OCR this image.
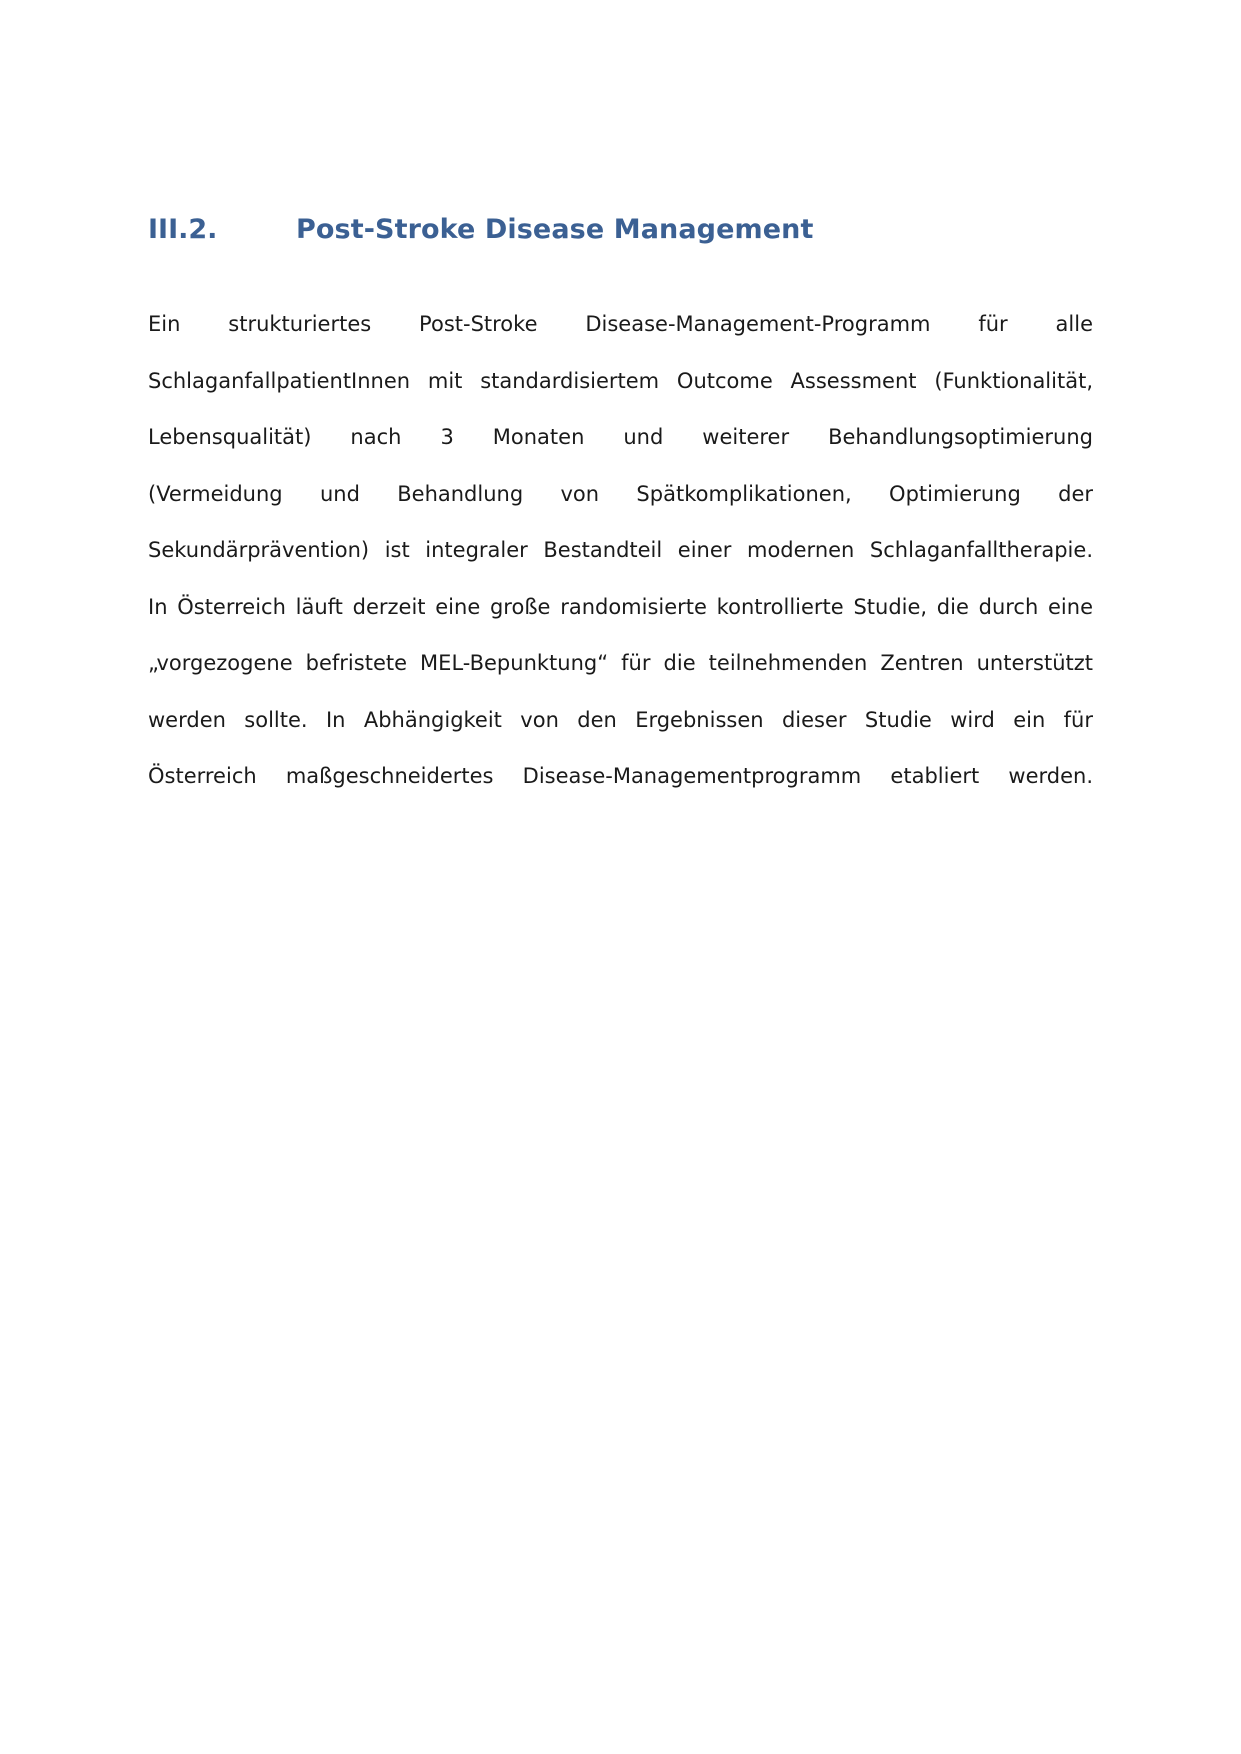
III.2.	Post-Stroke Disease Management
Ein strukturiertes Post-Stroke Disease-Management-Programm für alle
SchlaganfallpatientInnen mit standardisiertem Outcome Assessment (Funktionalität,
Lebensqualität) nach 3 Monaten und weiterer Behandlungsoptimierung
(Vermeidung und Behandlung von Spätkomplikationen, Optimierung der
Sekundärprävention) ist integraler Bestandteil einer modernen Schlaganfalltherapie.
In Österreich läuft derzeit eine große randomisierte kontrollierte Studie, die durch eine
„vorgezogene befristete MEL-Bepunktung“ für die teilnehmenden Zentren unterstützt
werden sollte. In Abhängigkeit von den Ergebnissen dieser Studie wird ein für
Österreich maßgeschneidertes Disease-Managementprogramm etabliert werden.
